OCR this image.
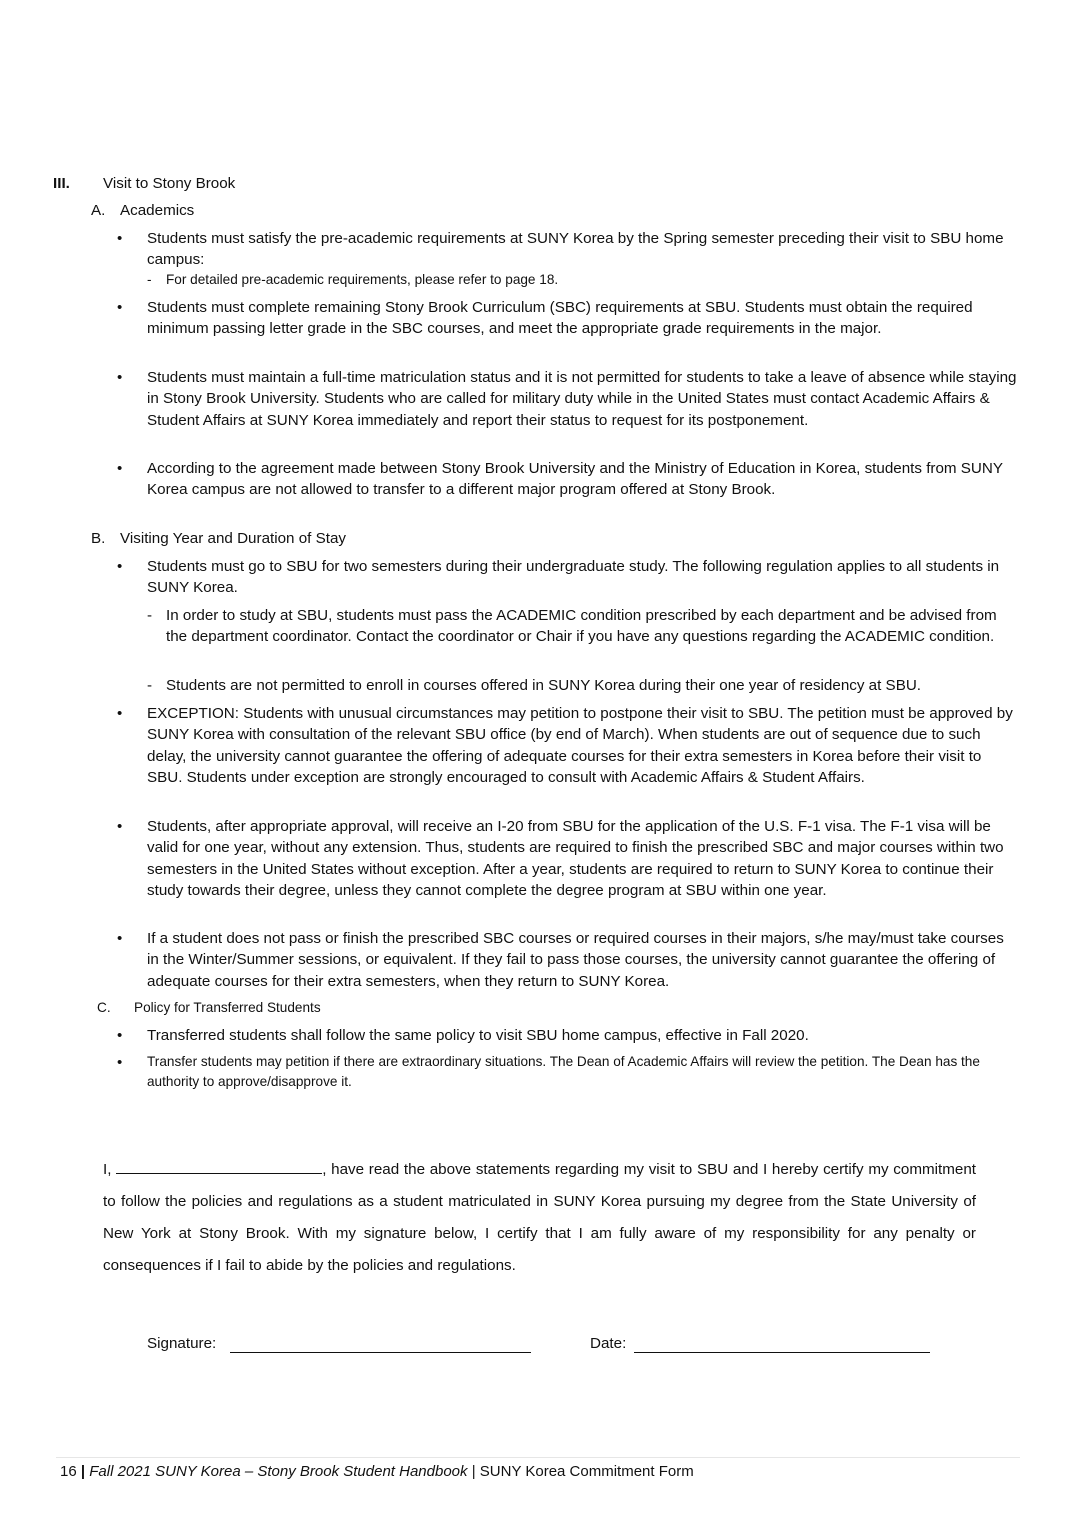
III. Visit to Stony Brook
A. Academics
• Students must satisfy the pre-academic requirements at SUNY Korea by the Spring semester preceding their visit to SBU home campus:
- For detailed pre-academic requirements, please refer to page 18.
• Students must complete remaining Stony Brook Curriculum (SBC) requirements at SBU. Students must obtain the required minimum passing letter grade in the SBC courses, and meet the appropriate grade requirements in the major.
• Students must maintain a full-time matriculation status and it is not permitted for students to take a leave of absence while staying in Stony Brook University. Students who are called for military duty while in the United States must contact Academic Affairs & Student Affairs at SUNY Korea immediately and report their status to request for its postponement.
• According to the agreement made between Stony Brook University and the Ministry of Education in Korea, students from SUNY Korea campus are not allowed to transfer to a different major program offered at Stony Brook.
B. Visiting Year and Duration of Stay
• Students must go to SBU for two semesters during their undergraduate study. The following regulation applies to all students in SUNY Korea.
- In order to study at SBU, students must pass the ACADEMIC condition prescribed by each department and be advised from the department coordinator. Contact the coordinator or Chair if you have any questions regarding the ACADEMIC condition.
- Students are not permitted to enroll in courses offered in SUNY Korea during their one year of residency at SBU.
• EXCEPTION: Students with unusual circumstances may petition to postpone their visit to SBU. The petition must be approved by SUNY Korea with consultation of the relevant SBU office (by end of March). When students are out of sequence due to such delay, the university cannot guarantee the offering of adequate courses for their extra semesters in Korea before their visit to SBU. Students under exception are strongly encouraged to consult with Academic Affairs & Student Affairs.
• Students, after appropriate approval, will receive an I-20 from SBU for the application of the U.S. F-1 visa. The F-1 visa will be valid for one year, without any extension. Thus, students are required to finish the prescribed SBC and major courses within two semesters in the United States without exception. After a year, students are required to return to SUNY Korea to continue their study towards their degree, unless they cannot complete the degree program at SBU within one year.
• If a student does not pass or finish the prescribed SBC courses or required courses in their majors, s/he may/must take courses in the Winter/Summer sessions, or equivalent. If they fail to pass those courses, the university cannot guarantee the offering of adequate courses for their extra semesters, when they return to SUNY Korea.
C. Policy for Transferred Students
• Transferred students shall follow the same policy to visit SBU home campus, effective in Fall 2020.
• Transfer students may petition if there are extraordinary situations. The Dean of Academic Affairs will review the petition. The Dean has the authority to approve/disapprove it.
I,	, have read the above statements regarding my visit to SBU and I hereby certify my commitment to follow the policies and regulations as a student matriculated in SUNY Korea pursuing my degree from the State University of New York at Stony Brook. With my signature below, I certify that I am fully aware of my responsibility for any penalty or consequences if I fail to abide by the policies and regulations.
Signature:	Date:
16 | Fall 2021 SUNY Korea – Stony Brook Student Handbook | SUNY Korea Commitment Form
